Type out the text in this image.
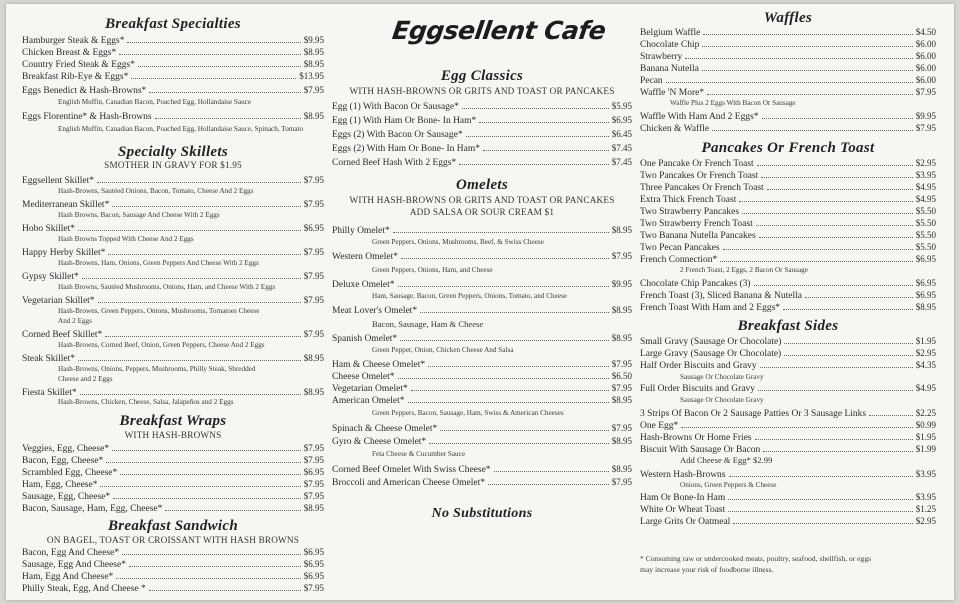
Breakfast Specialties
Hamburger Steak & Eggs*	$9.95
Chicken Breast & Eggs*	$8.95
Country Fried Steak & Eggs*	$8.95
Breakfast Rib-Eye & Eggs*	$13.95
Eggs Benedict & Hash-Browns*	$7.95
English Muffin, Canadian Bacon, Poached Egg, Hollandaise Sauce
Eggs Florentine* & Hash-Browns	$8.95
English Muffin, Canadian Bacon, Poached Egg, Hollandaise Sauce, Spinach, Tomato
Specialty Skillets
SMOTHER IN GRAVY FOR $1.95
Eggsellent Skillet*	$7.95
Hash-Browns, Sautéed Onions, Bacon, Tomato, Cheese And 2 Eggs
Mediterranean Skillet*	$7.95
Hash Browns, Bacon, Sausage And Cheese With 2 Eggs
Hobo Skillet*	$6.95
Hash Browns Topped With Cheese And 2 Eggs
Happy Herby Skillet*	$7.95
Hash-Browns, Ham, Onions, Green Peppers And Cheese With 2 Eggs
Gypsy Skillet*	$7.95
Hash Browns, Sautéed Mushrooms, Onions, Ham, and Cheese With 2 Eggs
Vegetarian Skillet*	$7.95
Hash-Browns, Green Peppers, Onions, Mushrooms, Tomatoes Cheese
And 2 Eggs
Corned Beef Skillet*	$7.95
Hash-Browns, Corned Beef, Onion, Green Peppers, Cheese And 2 Eggs
Steak Skillet*	$8.95
Hash-Browns, Onions, Peppers, Mushrooms, Philly Steak, Shredded
Cheese and 2 Eggs
Fiesta Skillet*	$8.95
Hash-Browns, Chicken, Cheese, Salsa, Jalapeños and 2 Eggs
Breakfast Wraps
WITH HASH-BROWNS
Veggies, Egg, Cheese*	$7.95
Bacon, Egg, Cheese*	$7.95
Scrambled Egg, Cheese*	$6.95
Ham, Egg, Cheese*	$7.95
Sausage, Egg, Cheese*	$7.95
Bacon, Sausage, Ham, Egg, Cheese*	$8.95
Breakfast Sandwich
ON BAGEL, TOAST OR CROISSANT WITH HASH BROWNS
Bacon, Egg And Cheese*	$6.95
Sausage, Egg And Cheese*	$6.95
Ham, Egg And Cheese*	$6.95
Philly Steak, Egg, And Cheese *	$7.95
Eggsellent Cafe
Egg Classics
WITH HASH-BROWNS OR GRITS AND TOAST OR PANCAKES
Egg (1) With Bacon Or Sausage*	$5.95
Egg (1) With Ham Or Bone- In Ham*	$6.95
Eggs (2) With Bacon Or Sausage*	$6.45
Eggs (2) With Ham Or Bone- In Ham*	$7.45
Corned Beef Hash With 2 Eggs*	$7.45
Omelets
WITH HASH-BROWNS OR GRITS AND TOAST OR PANCAKES
ADD SALSA OR SOUR CREAM $1
Philly Omelet*	$8.95
Green Peppers, Onions, Mushrooms, Beef, & Swiss Cheese
Western Omelet*	$7.95
Green Peppers, Onions, Ham, and Cheese
Deluxe Omelet*	$9.95
Ham, Sausage, Bacon, Green Peppers, Onions, Tomato, and Cheese
Meat Lover's Omelet*	$8.95
Bacon, Sausage, Ham & Cheese
Spanish Omelet*	$8.95
Green Pepper, Onion, Chicken Cheese And Salsa
Ham & Cheese Omelet*	$7.95
Cheese Omelet*	$6.50
Vegetarian Omelet*	$7.95
American Omelet*	$8.95
Green Peppers, Bacon, Sausage, Ham, Swiss & American Cheeses
Spinach & Cheese Omelet*	$7.95
Gyro & Cheese Omelet*	$8.95
Feta Cheese & Cucumber Sauce
Corned Beef Omelet With Swiss Cheese*	$8.95
Broccoli and American Cheese Omelet*	$7.95
No Substitutions
Waffles
Belgium Waffle	$4.50
Chocolate Chip	$6.00
Strawberry	$6.00
Banana Nutella	$6.00
Pecan	$6.00
Waffle 'N More*	$7.95
Waffle Plus 2 Eggs With Bacon Or Sausage
Waffle With Ham And 2 Eggs*	$9.95
Chicken & Waffle	$7.95
Pancakes Or French Toast
One Pancake Or French Toast	$2.95
Two Pancakes Or French Toast	$3.95
Three Pancakes Or French Toast	$4.95
Extra Thick French Toast	$4.95
Two Strawberry Pancakes	$5.50
Two Strawberry French Toast	$5.50
Two Banana Nutella Pancakes	$5.50
Two Pecan Pancakes	$5.50
French Connection*	$6.95
2 French Toast, 2 Eggs, 2 Bacon Or Sausage
Chocolate Chip Pancakes (3)	$6.95
French Toast (3), Sliced Banana & Nutella	$6.95
French Toast With Ham and 2 Eggs*	$8.95
Breakfast Sides
Small Gravy (Sausage Or Chocolate)	$1.95
Large Gravy (Sausage Or Chocolate)	$2.95
Half Order Biscuits and Gravy	$4.35
Sausage Or Chocolate Gravy
Full Order Biscuits and Gravy	$4.95
Sausage Or Chocolate Gravy
3 Strips Of Bacon Or 2 Sausage Patties Or 3 Sausage Links	$2.25
One Egg*	$0.99
Hash-Browns Or Home Fries	$1.95
Biscuit With Sausage Or Bacon	$1.99
Add Cheese & Egg* $2.99
Western Hash-Browns	$3.95
Onions, Green Peppers & Cheese
Ham Or Bone-In Ham	$3.95
White Or Wheat Toast	$1.25
Large Grits Or Oatmeal	$2.95
* Consuming raw or undercooked meats, poultry, seafood, shellfish, or eggs
may increase your risk of foodborne illness.
